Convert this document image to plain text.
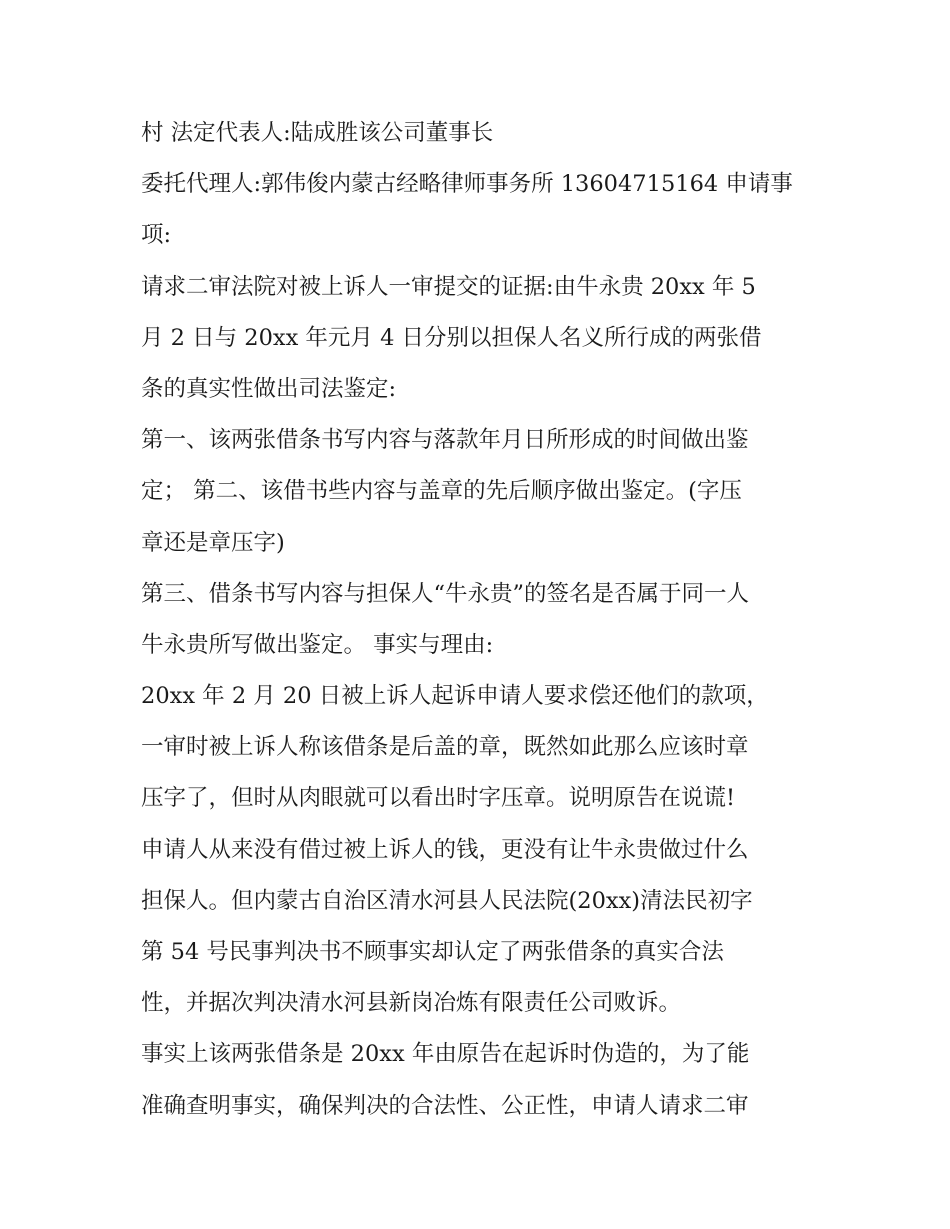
村 法定代表人:陆成胜该公司董事长
委托代理人:郭伟俊内蒙古经略律师事务所 13604715164 申请事
项:
请求二审法院对被上诉人一审提交的证据:由牛永贵 20xx 年 5
月 2 日与 20xx 年元月 4 日分别以担保人名义所行成的两张借
条的真实性做出司法鉴定:
第一、该两张借条书写内容与落款年月日所形成的时间做出鉴
定； 第二、该借书些内容与盖章的先后顺序做出鉴定。(字压
章还是章压字)
第三、借条书写内容与担保人“牛永贵”的签名是否属于同一人
牛永贵所写做出鉴定。 事实与理由:
20xx 年 2 月 20 日被上诉人起诉申请人要求偿还他们的款项，
一审时被上诉人称该借条是后盖的章，既然如此那么应该时章
压字了，但时从肉眼就可以看出时字压章。说明原告在说谎!
申请人从来没有借过被上诉人的钱，更没有让牛永贵做过什么
担保人。但内蒙古自治区清水河县人民法院(20xx)清法民初字
第 54 号民事判决书不顾事实却认定了两张借条的真实合法
性，并据次判决清水河县新岗冶炼有限责任公司败诉。
事实上该两张借条是 20xx 年由原告在起诉时伪造的，为了能
准确查明事实，确保判决的合法性、公正性，申请人请求二审
